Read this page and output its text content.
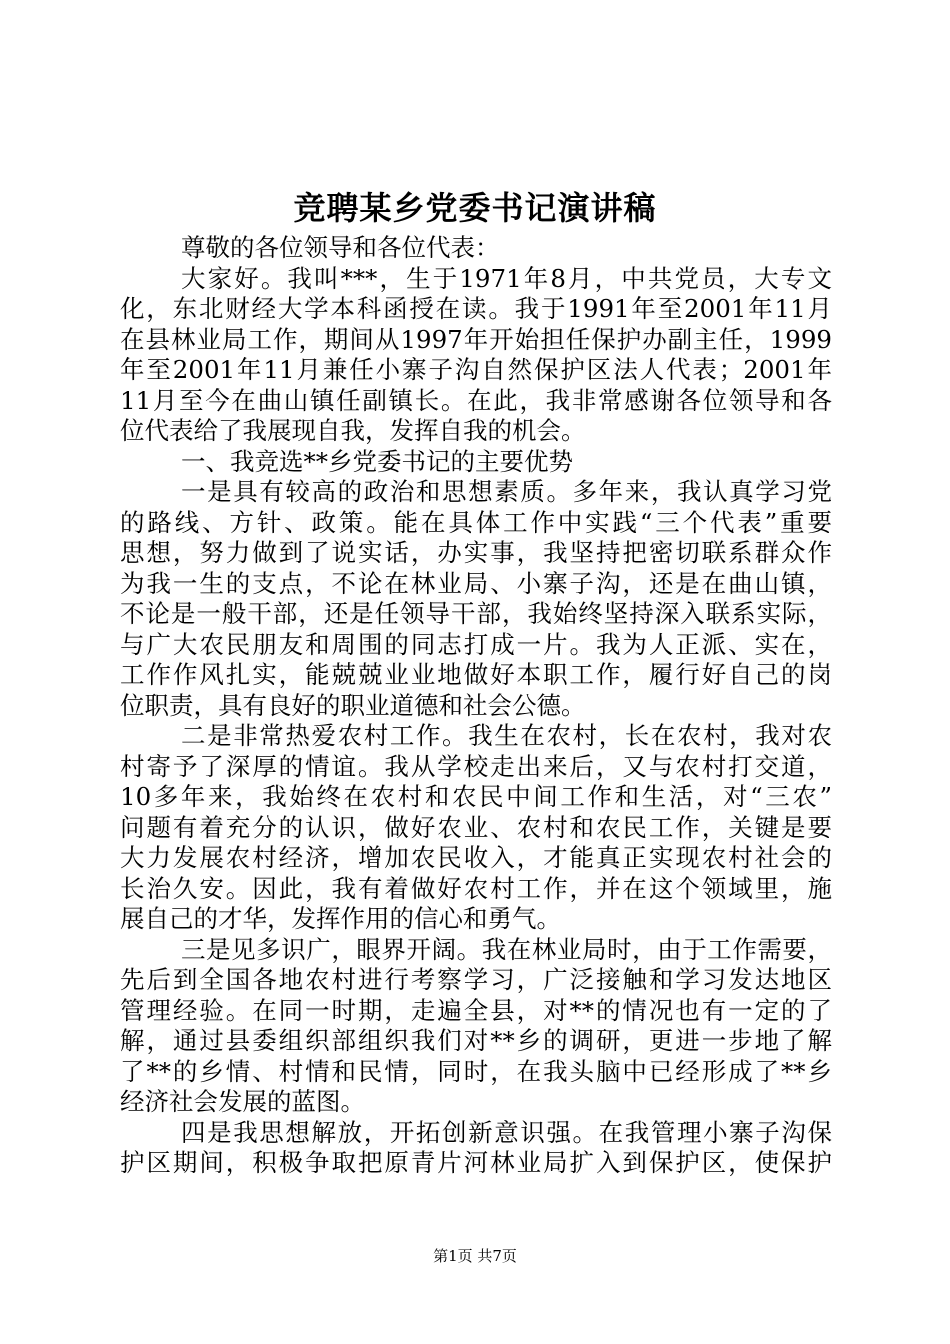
竞聘某乡党委书记演讲稿
尊敬的各位领导和各位代表：
大家好。我叫***，生于1971年8月，中共党员，大专文
化，东北财经大学本科函授在读。我于1991年至2001年11月
在县林业局工作，期间从1997年开始担任保护办副主任，1999
年至2001年11月兼任小寨子沟自然保护区法人代表；2001年
11月至今在曲山镇任副镇长。在此，我非常感谢各位领导和各
位代表给了我展现自我，发挥自我的机会。
一、我竞选**乡党委书记的主要优势
一是具有较高的政治和思想素质。多年来，我认真学习党
的路线、方针、政策。能在具体工作中实践“三个代表”重要
思想，努力做到了说实话，办实事，我坚持把密切联系群众作
为我一生的支点，不论在林业局、小寨子沟，还是在曲山镇，
不论是一般干部，还是任领导干部，我始终坚持深入联系实际，
与广大农民朋友和周围的同志打成一片。我为人正派、实在，
工作作风扎实，能兢兢业业地做好本职工作，履行好自己的岗
位职责，具有良好的职业道德和社会公德。
二是非常热爱农村工作。我生在农村，长在农村，我对农
村寄予了深厚的情谊。我从学校走出来后，又与农村打交道，
10多年来，我始终在农村和农民中间工作和生活，对“三农”
问题有着充分的认识，做好农业、农村和农民工作，关键是要
大力发展农村经济，增加农民收入，才能真正实现农村社会的
长治久安。因此，我有着做好农村工作，并在这个领域里，施
展自己的才华，发挥作用的信心和勇气。
三是见多识广，眼界开阔。我在林业局时，由于工作需要，
先后到全国各地农村进行考察学习，广泛接触和学习发达地区
管理经验。在同一时期，走遍全县，对**的情况也有一定的了
解，通过县委组织部组织我们对**乡的调研，更进一步地了解
了**的乡情、村情和民情，同时，在我头脑中已经形成了**乡
经济社会发展的蓝图。
四是我思想解放，开拓创新意识强。在我管理小寨子沟保
护区期间，积极争取把原青片河林业局扩入到保护区，使保护
第1页 共7页
